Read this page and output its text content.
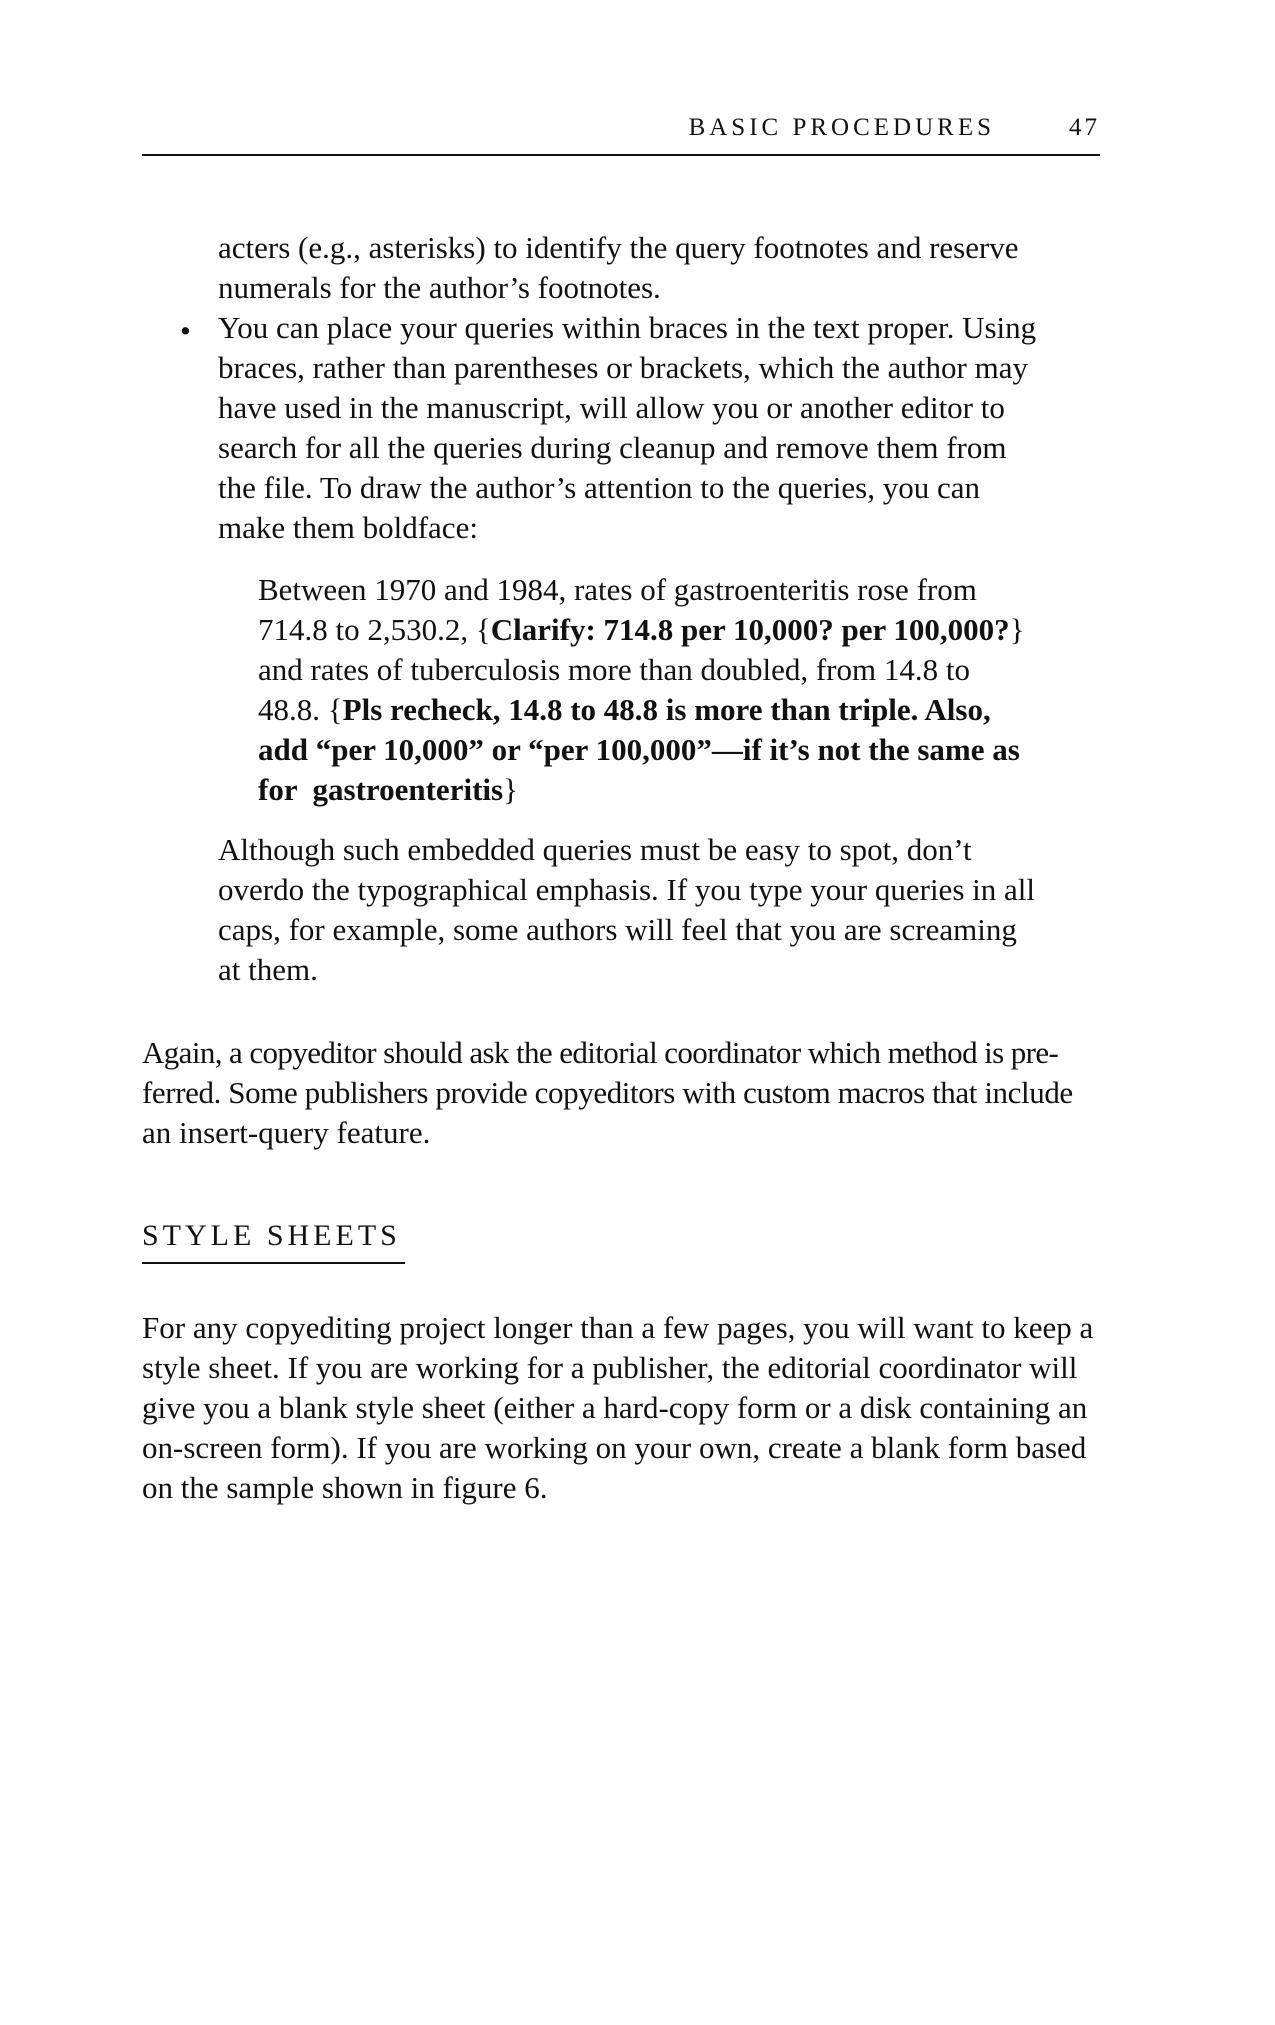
BASIC PROCEDURES	47

acters (e.g., asterisks) to identify the query footnotes and reserve
numerals for the author’s footnotes.

• You can place your queries within braces in the text proper. Using
braces, rather than parentheses or brackets, which the author may
have used in the manuscript, will allow you or another editor to
search for all the queries during cleanup and remove them from
the file. To draw the author’s attention to the queries, you can
make them boldface:

Between 1970 and 1984, rates of gastroenteritis rose from
714.8 to 2,530.2, {Clarify: 714.8 per 10,000? per 100,000?}
and rates of tuberculosis more than doubled, from 14.8 to
48.8. {Pls recheck, 14.8 to 48.8 is more than triple. Also,
add “per 10,000” or “per 100,000”—if it’s not the same as
for  gastroenteritis}

Although such embedded queries must be easy to spot, don’t
overdo the typographical emphasis. If you type your queries in all
caps, for example, some authors will feel that you are screaming
at them.

Again, a copyeditor should ask the editorial coordinator which method is pre-
ferred. Some publishers provide copyeditors with custom macros that include
an insert-query feature.

STYLE SHEETS

For any copyediting project longer than a few pages, you will want to keep a
style sheet. If you are working for a publisher, the editorial coordinator will
give you a blank style sheet (either a hard-copy form or a disk containing an
on-screen form). If you are working on your own, create a blank form based
on the sample shown in figure 6.
